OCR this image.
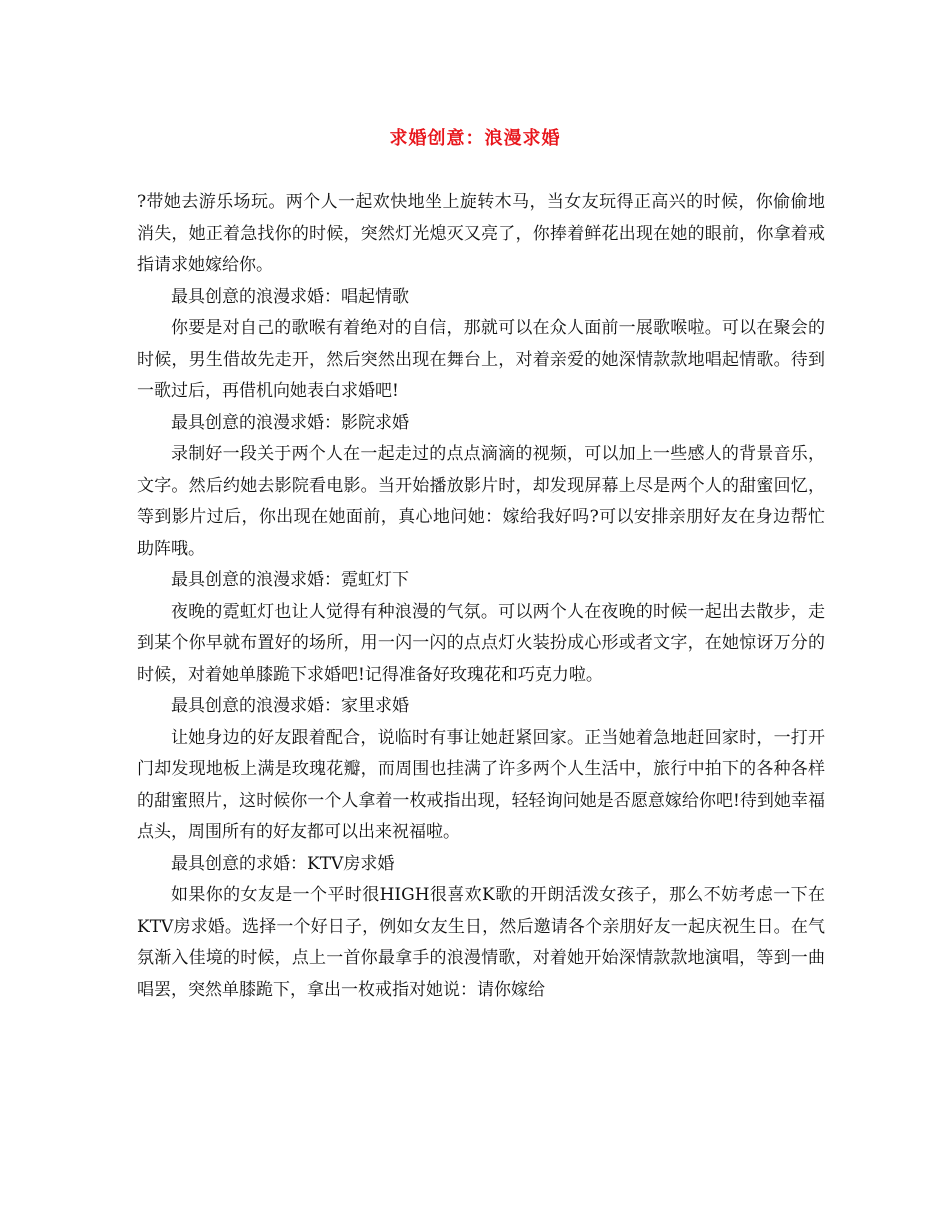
求婚创意：浪漫求婚

?带她去游乐场玩。两个人一起欢快地坐上旋转木马，当女友玩得正高兴的时候，你偷偷地消失，她正着急找你的时候，突然灯光熄灭又亮了，你捧着鲜花出现在她的眼前，你拿着戒指请求她嫁给你。

最具创意的浪漫求婚：唱起情歌

你要是对自己的歌喉有着绝对的自信，那就可以在众人面前一展歌喉啦。可以在聚会的时候，男生借故先走开，然后突然出现在舞台上，对着亲爱的她深情款款地唱起情歌。待到一歌过后，再借机向她表白求婚吧!

最具创意的浪漫求婚：影院求婚

录制好一段关于两个人在一起走过的点点滴滴的视频，可以加上一些感人的背景音乐，文字。然后约她去影院看电影。当开始播放影片时，却发现屏幕上尽是两个人的甜蜜回忆，等到影片过后，你出现在她面前，真心地问她：嫁给我好吗?可以安排亲朋好友在身边帮忙助阵哦。

最具创意的浪漫求婚：霓虹灯下

夜晚的霓虹灯也让人觉得有种浪漫的气氛。可以两个人在夜晚的时候一起出去散步，走到某个你早就布置好的场所，用一闪一闪的点点灯火装扮成心形或者文字，在她惊讶万分的时候，对着她单膝跪下求婚吧!记得准备好玫瑰花和巧克力啦。

最具创意的浪漫求婚：家里求婚

让她身边的好友跟着配合，说临时有事让她赶紧回家。正当她着急地赶回家时，一打开门却发现地板上满是玫瑰花瓣，而周围也挂满了许多两个人生活中，旅行中拍下的各种各样的甜蜜照片，这时候你一个人拿着一枚戒指出现，轻轻询问她是否愿意嫁给你吧!待到她幸福点头，周围所有的好友都可以出来祝福啦。

最具创意的求婚：KTV房求婚

如果你的女友是一个平时很HIGH很喜欢K歌的开朗活泼女孩子，那么不妨考虑一下在KTV房求婚。选择一个好日子，例如女友生日，然后邀请各个亲朋好友一起庆祝生日。在气氛渐入佳境的时候，点上一首你最拿手的浪漫情歌，对着她开始深情款款地演唱，等到一曲唱罢，突然单膝跪下，拿出一枚戒指对她说：请你嫁给
